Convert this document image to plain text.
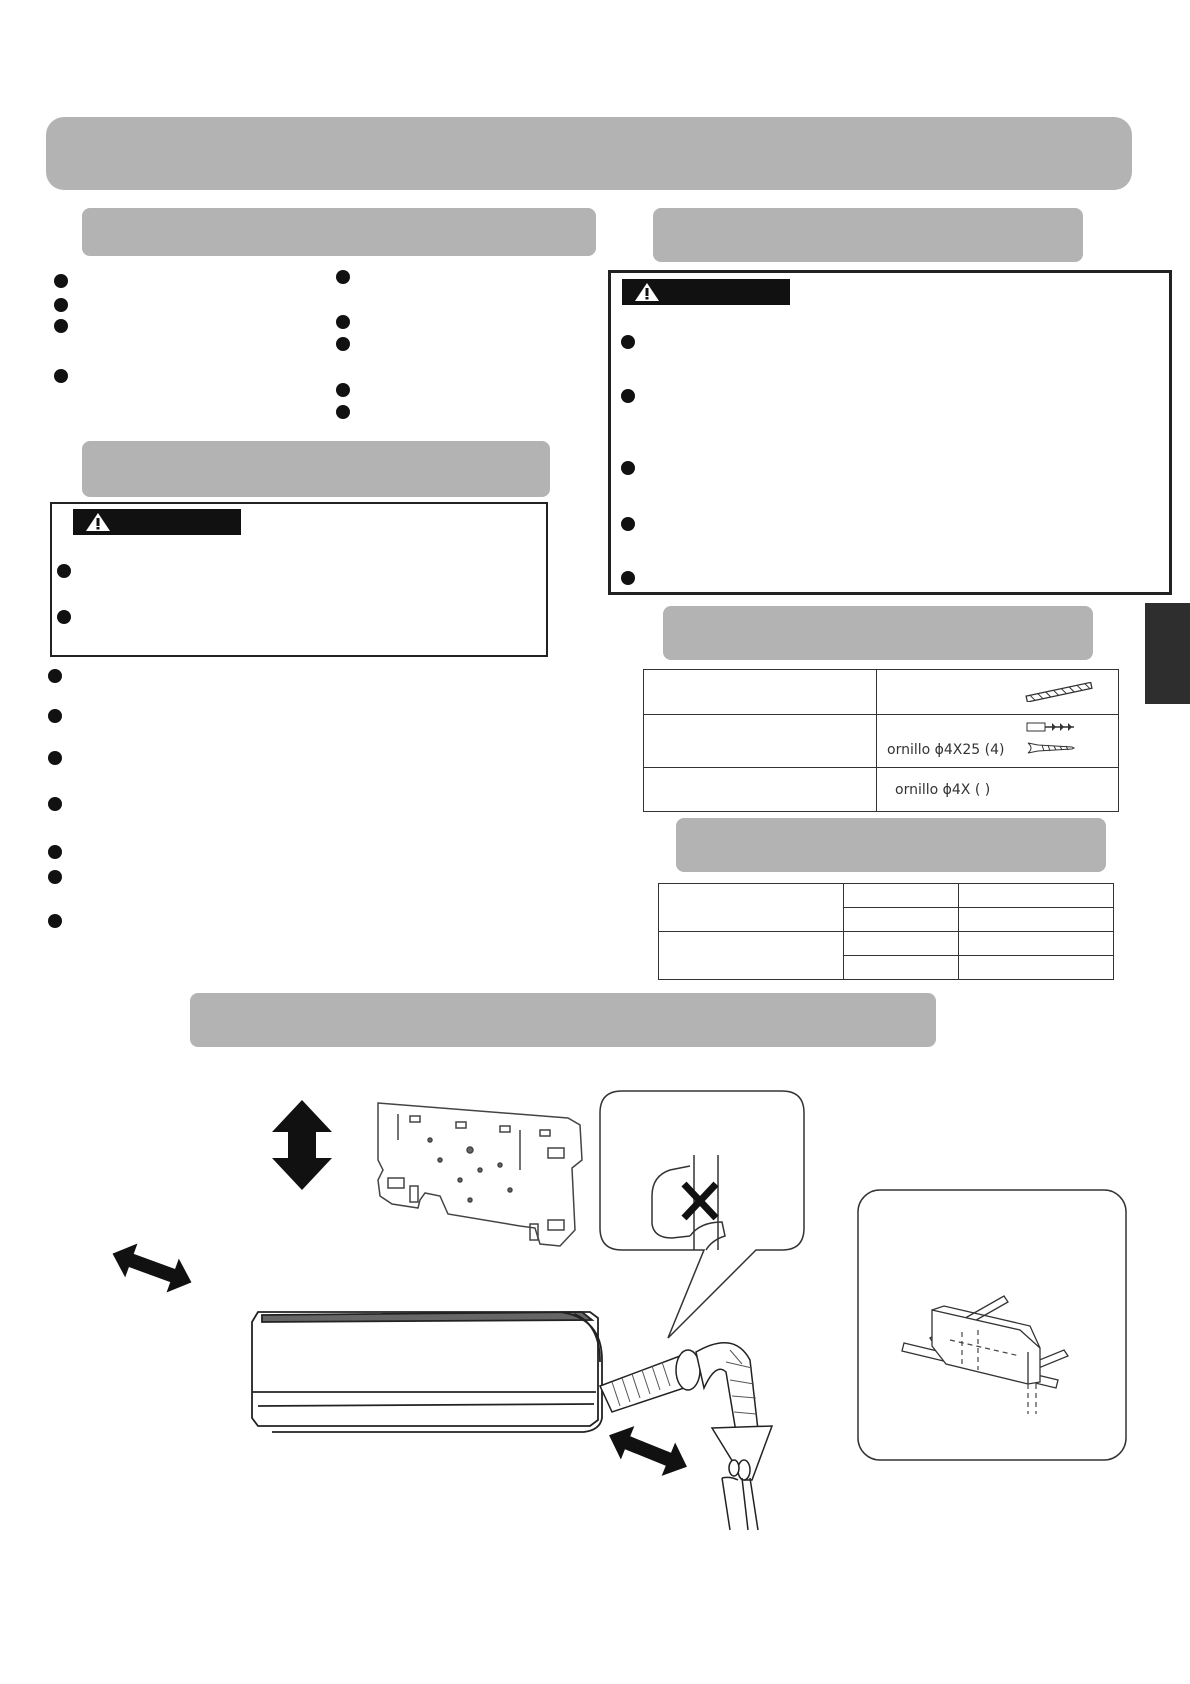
	ornillo ϕ4X25 (4)

	ornillo ϕ4X ( )
